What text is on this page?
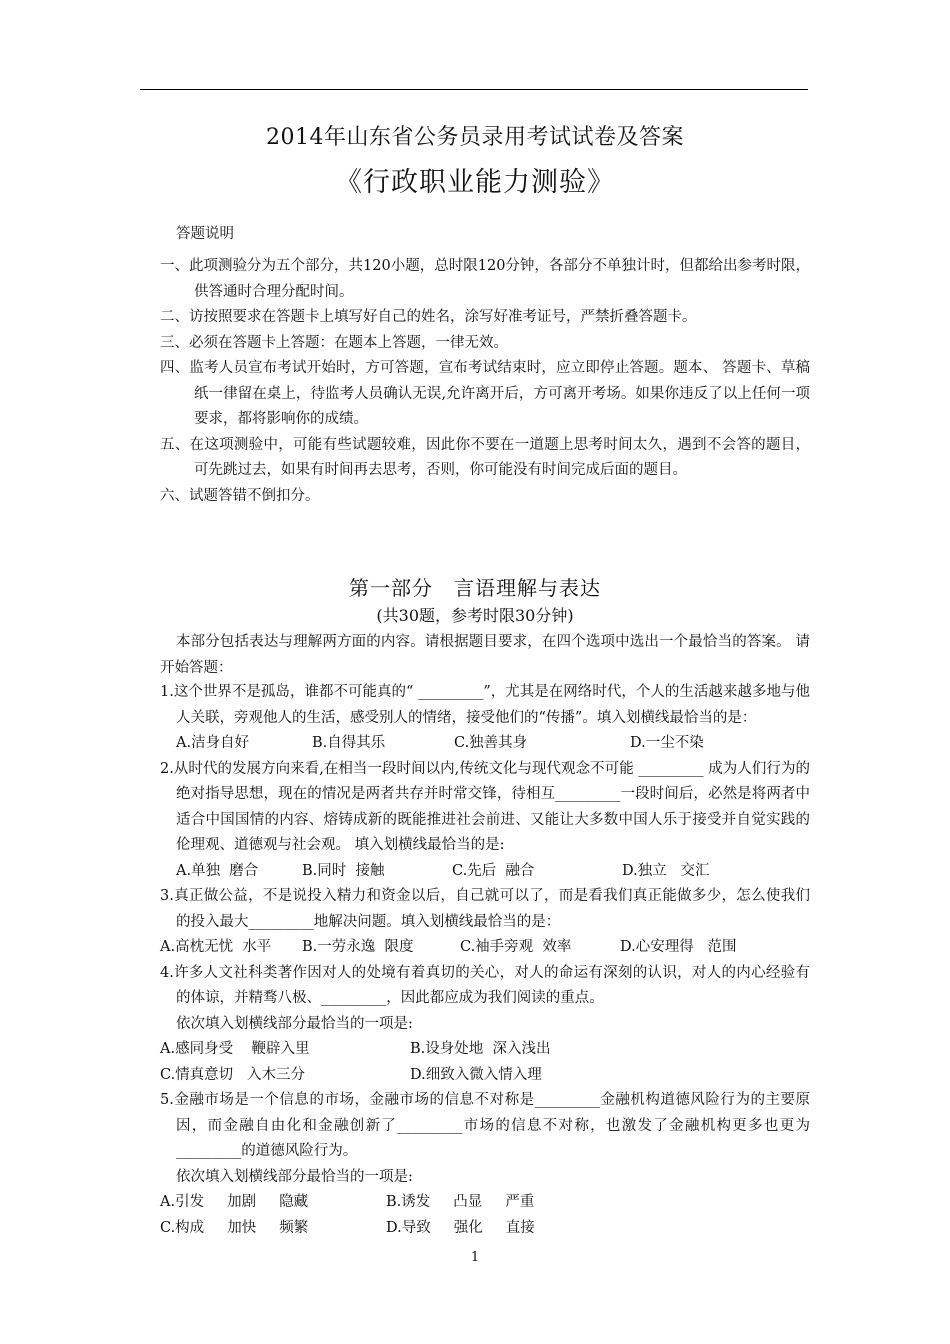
2014年山东省公务员录用考试试卷及答案
《行政职业能力测验》
答题说明
一、此项测验分为五个部分，共120小题，总时限120分钟，各部分不单独计时，但都给出参考时限，供答通时合理分配时间。
二、访按照要求在答题卡上填写好自己的姓名，涂写好准考证号，严禁折叠答题卡。
三、必须在答题卡上答题：在题本上答题，一律无效。
四、监考人员宣布考试开始时，方可答题，宣布考试结束时，应立即停止答题。题本、 答题卡、草稿纸一律留在桌上，待监考人员确认无误,允许离开后，方可离开考场。如果你违反了以上任何一项要求，都将影响你的成绩。
五、在这项测验中，可能有些试题较难，因此你不要在一道题上思考时间太久，遇到不会答的题目，可先跳过去，如果有时间再去思考，否则，你可能没有时间完成后面的题目。
六、试题答错不倒扣分。
第一部分　言语理解与表达
(共30题，参考时限30分钟)
本部分包括表达与理解两方面的内容。请根据题目要求，在四个选项中选出一个最恰当的答案。 请开始答题：
1.这个世界不是孤岛，谁都不可能真的“ _________”，尤其是在网络时代，个人的生活越来越多地与他人关联，旁观他人的生活，感受别人的情绪，接受他们的“传播”。填入划横线最恰当的是：
A.洁身自好	B.自得其乐	C.独善其身	D.一尘不染
2.从时代的发展方向来看,在相当一段时间以内,传统文化与现代观念不可能 _________ 成为人们行为的绝对指导思想，现在的情况是两者共存并时常交锋，待相互_________一段时间后，必然是将两者中适合中国国情的内容、熔铸成新的既能推进社会前进、又能让大多数中国人乐于接受并自觉实践的伦理观、道德观与社会观。 填入划横线最恰当的是:
A.单独  磨合	B.同时  接触	C.先后  融合	D.独立   交汇
3.真正做公益，不是说投入精力和资金以后，自己就可以了，而是看我们真正能做多少，怎么使我们的投入最大_________地解决问题。填入划横线最恰当的是：
A.高枕无忧  水平	B.一劳永逸  限度	C.袖手旁观  效率	D.心安理得   范围
4.许多人文社科类著作因对人的处境有着真切的关心，对人的命运有深刻的认识，对人的内心经验有的体谅，并精骛八极、_________，因此都应成为我们阅读的重点。
依次填入划横线部分最恰当的一项是:
A.感同身受    鞭辟入里	B.设身处地  深入浅出
C.情真意切   入木三分	D.细致入微入情入理
5.金融市场是一个信息的市场，金融市场的信息不对称是_________金融机构道德风险行为的主要原因，而金融自由化和金融创新了_________市场的信息不对称，也激发了金融机构更多也更为_________的道德风险行为。
依次填入划横线部分最恰当的一项是:
A.引发     加剧     隐藏	B.诱发     凸显     严重
C.构成     加快     频繁	D.导致     强化     直接
1
